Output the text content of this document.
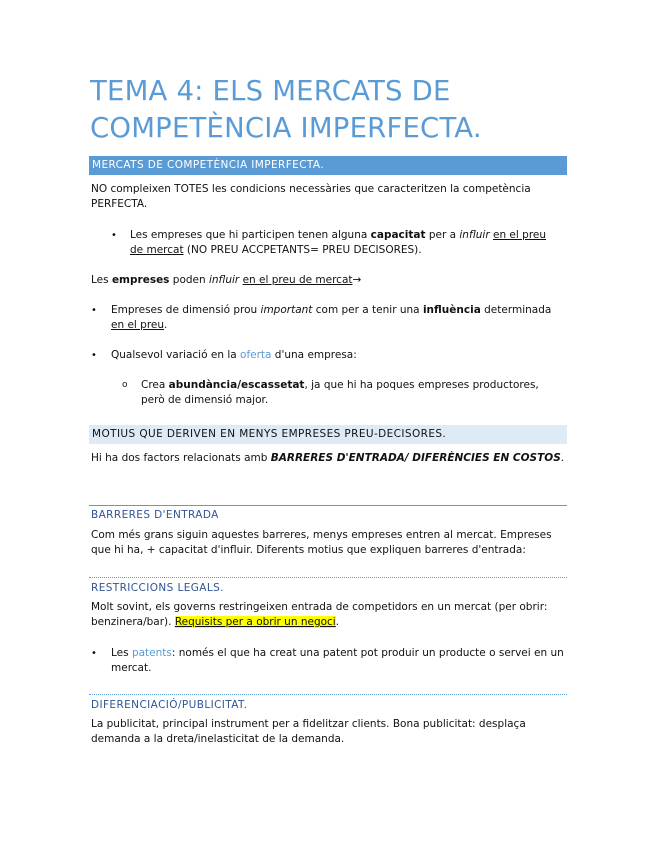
TEMA 4: ELS MERCATS DE COMPETÈNCIA IMPERFECTA.
MERCATS DE COMPETÈNCIA IMPERFECTA.

NO compleixen TOTES les condicions necessàries que caracteritzen la competència PERFECTA.

• Les empreses que hi participen tenen alguna capacitat per a influir en el preu de mercat (NO PREU ACCPETANTS= PREU DECISORES).

Les empreses poden influir en el preu de mercat→

• Empreses de dimensió prou important com per a tenir una influència determinada en el preu.

• Qualsevol variació en la oferta d'una empresa:

o Crea abundància/escassetat, ja que hi ha poques empreses productores, però de dimensió major.

MOTIUS QUE DERIVEN EN MENYS EMPRESES PREU-DECISORES.

Hi ha dos factors relacionats amb BARRERES D'ENTRADA/ DIFERÈNCIES EN COSTOS.

BARRERES D'ENTRADA

Com més grans siguin aquestes barreres, menys empreses entren al mercat. Empreses que hi ha, + capacitat d'influir. Diferents motius que expliquen barreres d'entrada:

RESTRICCIONS LEGALS.

Molt sovint, els governs restringeixen entrada de competidors en un mercat (per obrir: benzinera/bar). Requisits per a obrir un negoci.

• Les patents: només el que ha creat una patent pot produir un producte o servei en un mercat.

DIFERENCIACIÓ/PUBLICITAT.

La publicitat, principal instrument per a fidelitzar clients. Bona publicitat: desplaça demanda a la dreta/inelasticitat de la demanda.
